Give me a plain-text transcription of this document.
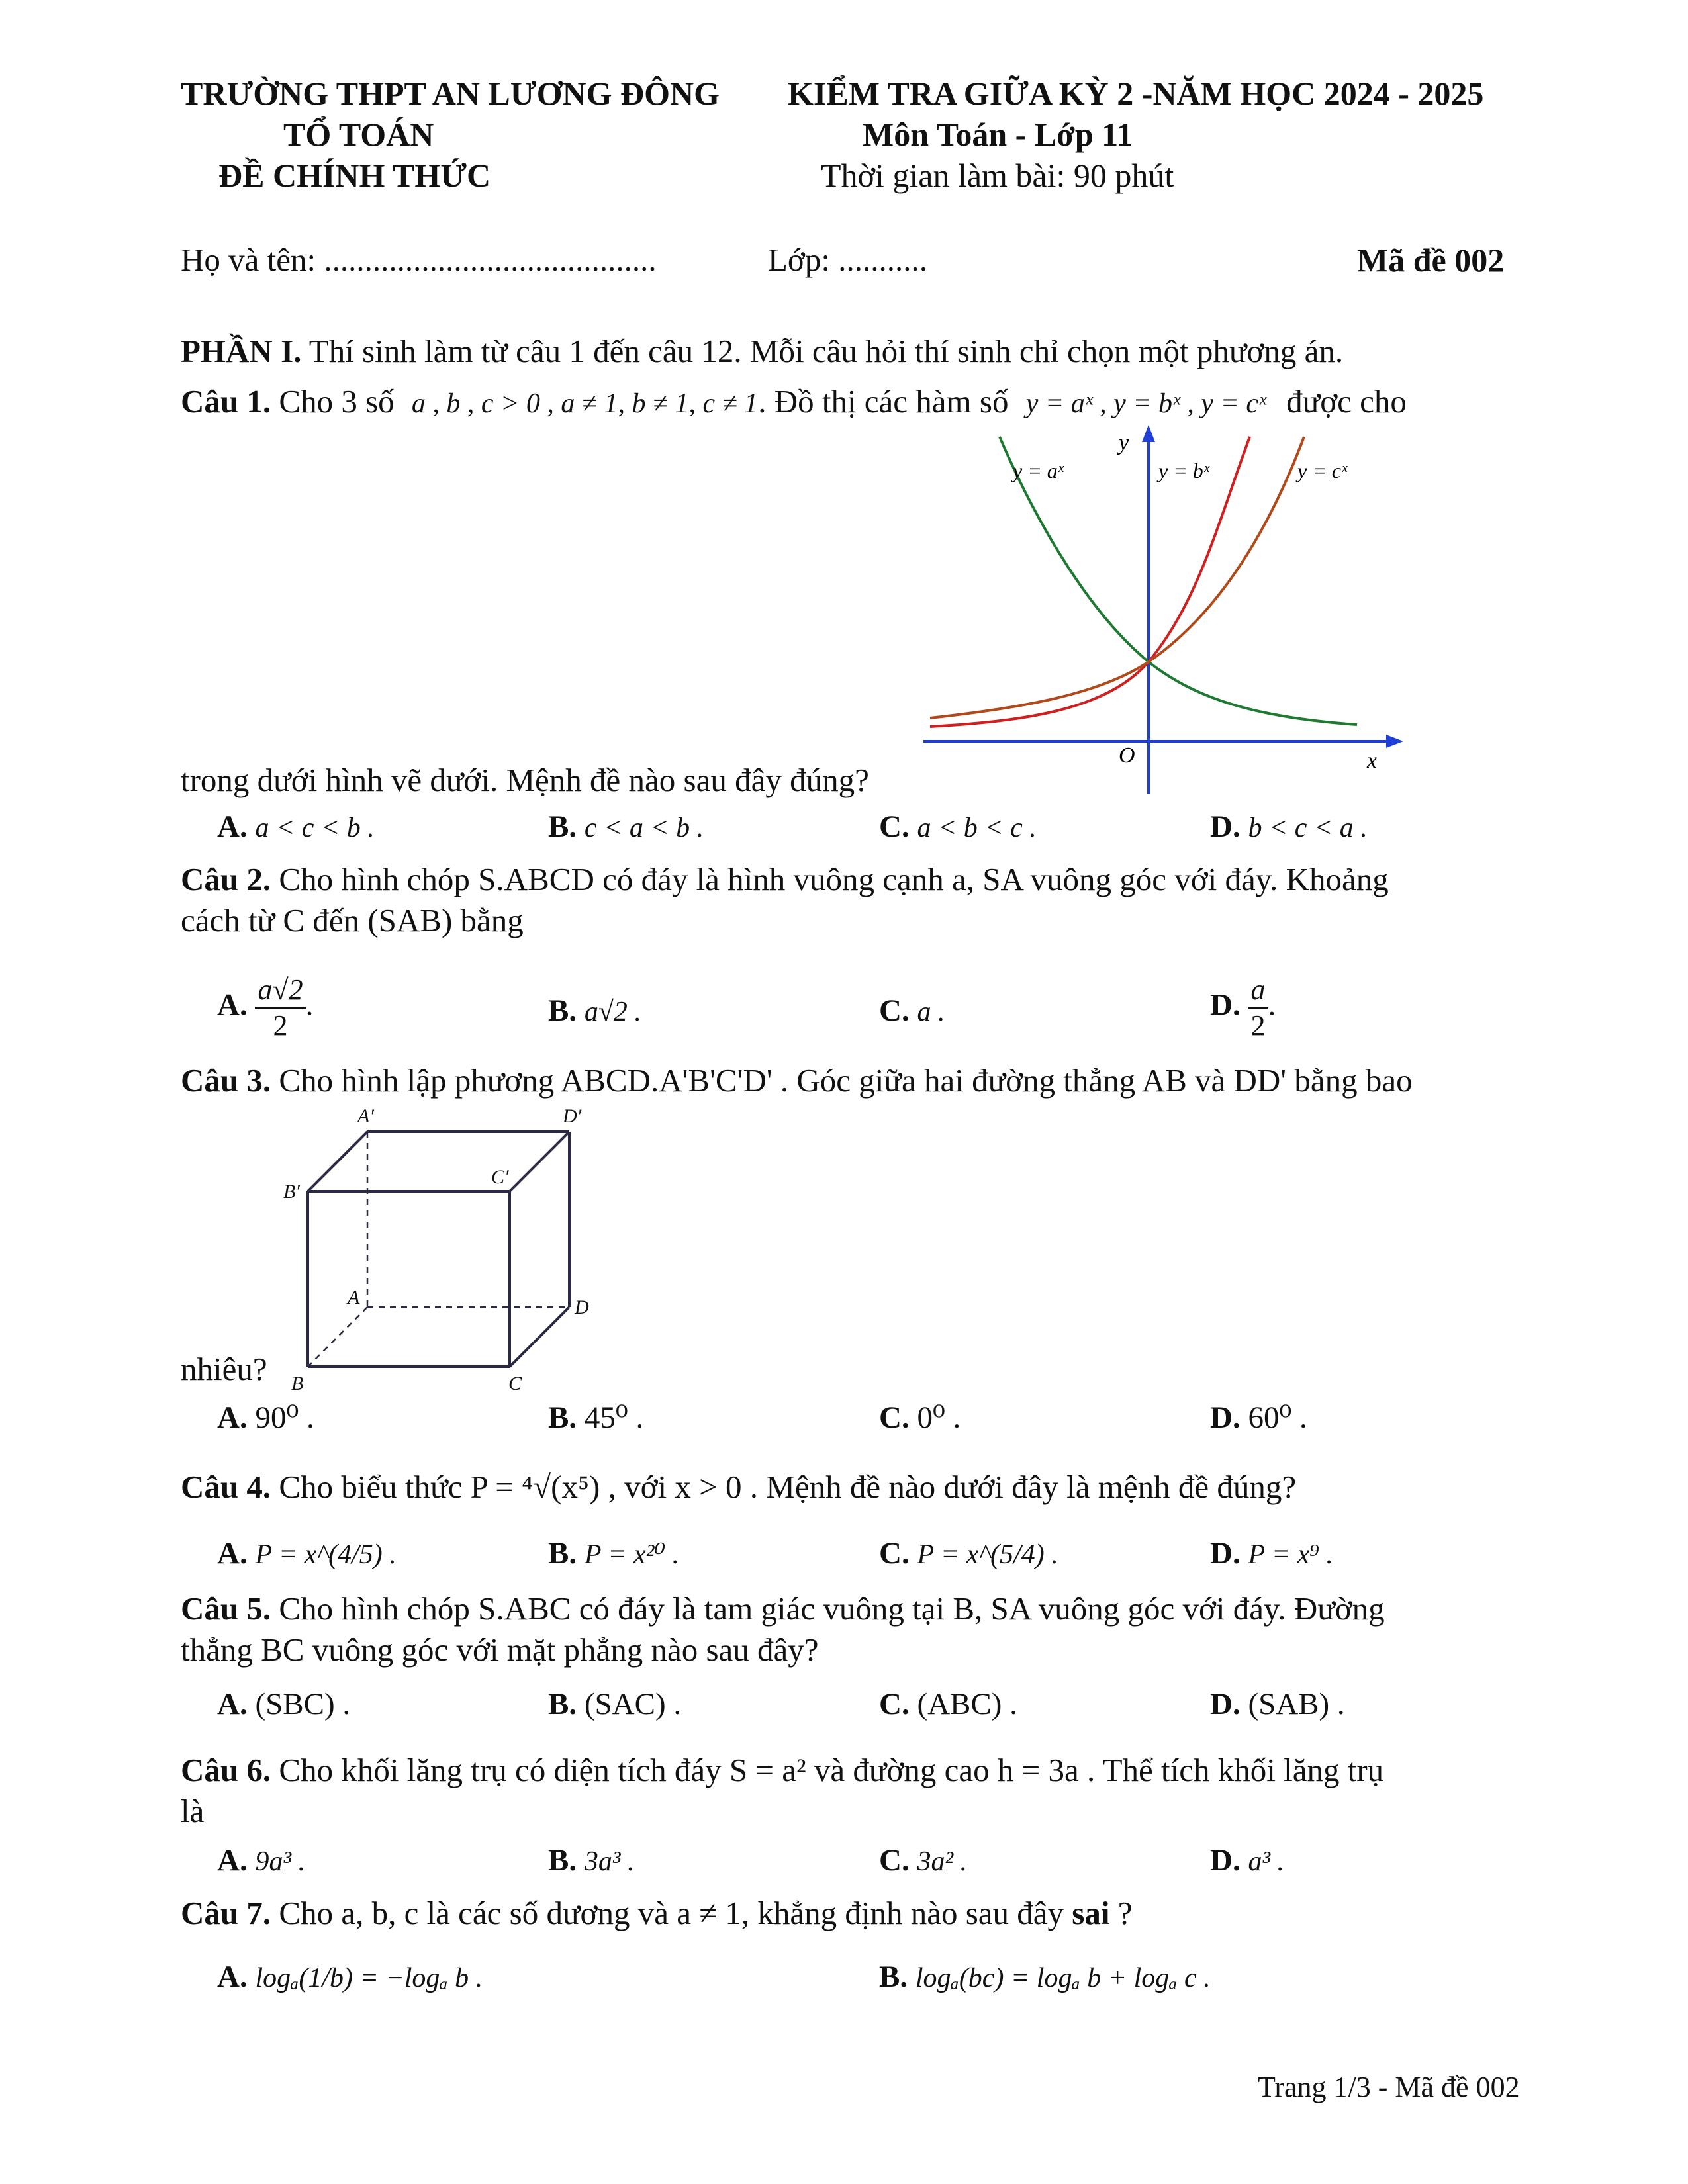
TRƯỜNG THPT AN LƯƠNG ĐÔNG KIỂM TRA GIỮA KỲ 2 -NĂM HỌC 2024 - 2025
TỔ TOÁN	Môn Toán - Lớp 11
ĐỀ CHÍNH THỨC	Thời gian làm bài: 90 phút
Họ và tên: .........................................	Lớp: ...........	Mã đề 002
PHẦN I. Thí sinh làm từ câu 1 đến câu 12. Mỗi câu hỏi thí sinh chỉ chọn một phương án.
Câu 1. Cho 3 số a , b , c > 0 , a ≠ 1, b ≠ 1, c ≠ 1. Đồ thị các hàm số y = aˣ , y = bˣ , y = cˣ được cho
y
x
O
y = aˣ	y = bˣ	y = cˣ
trong dưới hình vẽ dưới. Mệnh đề nào sau đây đúng?
A. a < c < b .	B. c < a < b .	C. a < b < c .	D. b < c < a .
Câu 2. Cho hình chóp S.ABCD có đáy là hình vuông cạnh a, SA vuông góc với đáy. Khoảng
cách từ C đến (SAB) bằng
A. $\frac{a√2}{2}$ .	B. a√2 .	C. a .	D. $\frac{a}{2}$ .
Câu 3. Cho hình lập phương ABCD.A'B'C'D' . Góc giữa hai đường thẳng AB và DD' bằng bao
A′	D′
B′
C′
A	D
B	C
nhiêu?
A. 90⁰ .	B. 45⁰ .	C. 0⁰ .	D. 60⁰ .
Câu 4. Cho biểu thức P = ⁴√(x⁵) , với x > 0 . Mệnh đề nào dưới đây là mệnh đề đúng?
A. P = x^(4/5) .	B. P = x²⁰ .	C. P = x^(5/4) .	D. P = x⁹ .
Câu 5. Cho hình chóp S.ABC có đáy là tam giác vuông tại B, SA vuông góc với đáy. Đường
thẳng BC vuông góc với mặt phẳng nào sau đây?
A. (SBC) .	B. (SAC) .	C. (ABC) .	D. (SAB) .
Câu 6. Cho khối lăng trụ có diện tích đáy S = a² và đường cao h = 3a . Thể tích khối lăng trụ
là
A. 9a³ .	B. 3a³ .	C. 3a² .	D. a³ .
Câu 7. Cho a, b, c là các số dương và a ≠ 1, khẳng định nào sau đây sai ?
A. logₐ(1/b) = −logₐ b .	B. logₐ(bc) = logₐ b + logₐ c .
Trang 1/3 - Mã đề 002
